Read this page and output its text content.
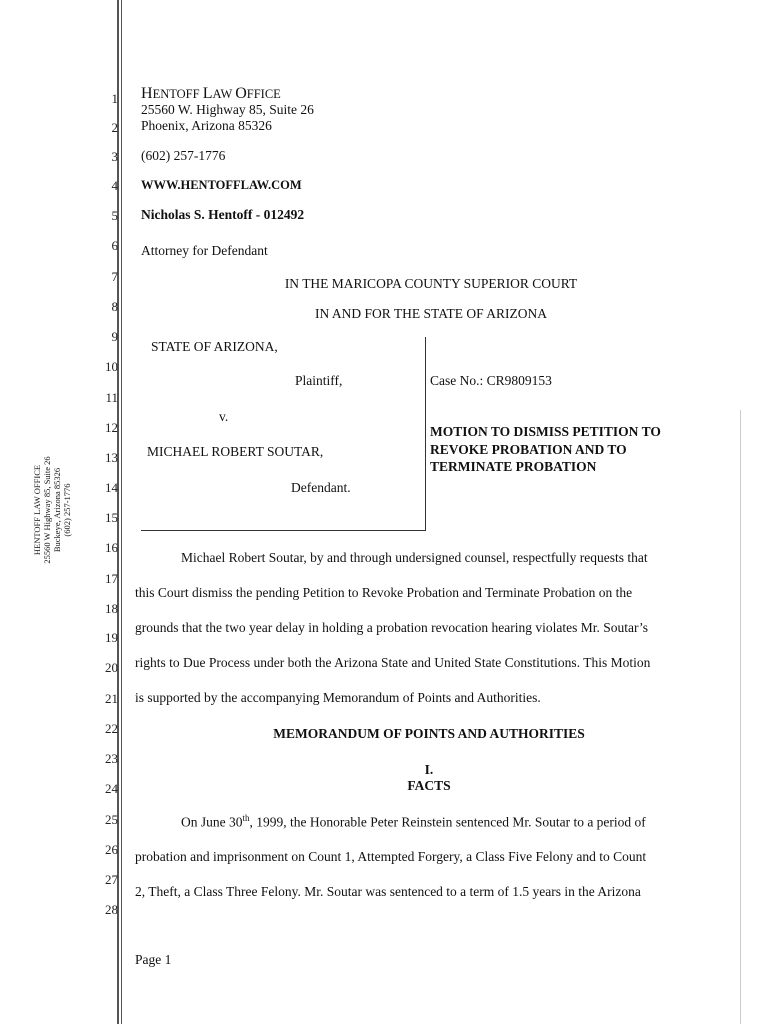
HENTOFF LAW OFFICE 25560 W Highway 85, Suite 26 Buckeye, Arizona 85326 (602) 257-1776
1
2
3
4
5
6
7
8
9
10
11
12
13
14
15
16
17
18
19
20
21
22
23
24
25
26
27
28
HENTOFF LAW OFFICE
25560 W. Highway 85, Suite 26
Phoenix, Arizona 85326
(602) 257-1776
WWW.HENTOFFLAW.COM
Nicholas S. Hentoff - 012492
Attorney for Defendant
IN THE MARICOPA COUNTY SUPERIOR COURT
IN AND FOR THE STATE OF ARIZONA
STATE OF ARIZONA,
Plaintiff,
v.
MICHAEL ROBERT SOUTAR,
Defendant.
Case No.: CR9809153
MOTION TO DISMISS PETITION TO
REVOKE PROBATION AND TO
TERMINATE PROBATION
Michael Robert Soutar, by and through undersigned counsel, respectfully requests that
this Court dismiss the pending Petition to Revoke Probation and Terminate Probation on the
grounds that the two year delay in holding a probation revocation hearing violates Mr. Soutar’s
rights to Due Process under both the Arizona State and United State Constitutions. This Motion
is supported by the accompanying Memorandum of Points and Authorities.
MEMORANDUM OF POINTS AND AUTHORITIES
I.
FACTS
On June 30th, 1999, the Honorable Peter Reinstein sentenced Mr. Soutar to a period of
probation and imprisonment on Count 1, Attempted Forgery, a Class Five Felony and to Count
2, Theft, a Class Three Felony. Mr. Soutar was sentenced to a term of 1.5 years in the Arizona
Page 1
